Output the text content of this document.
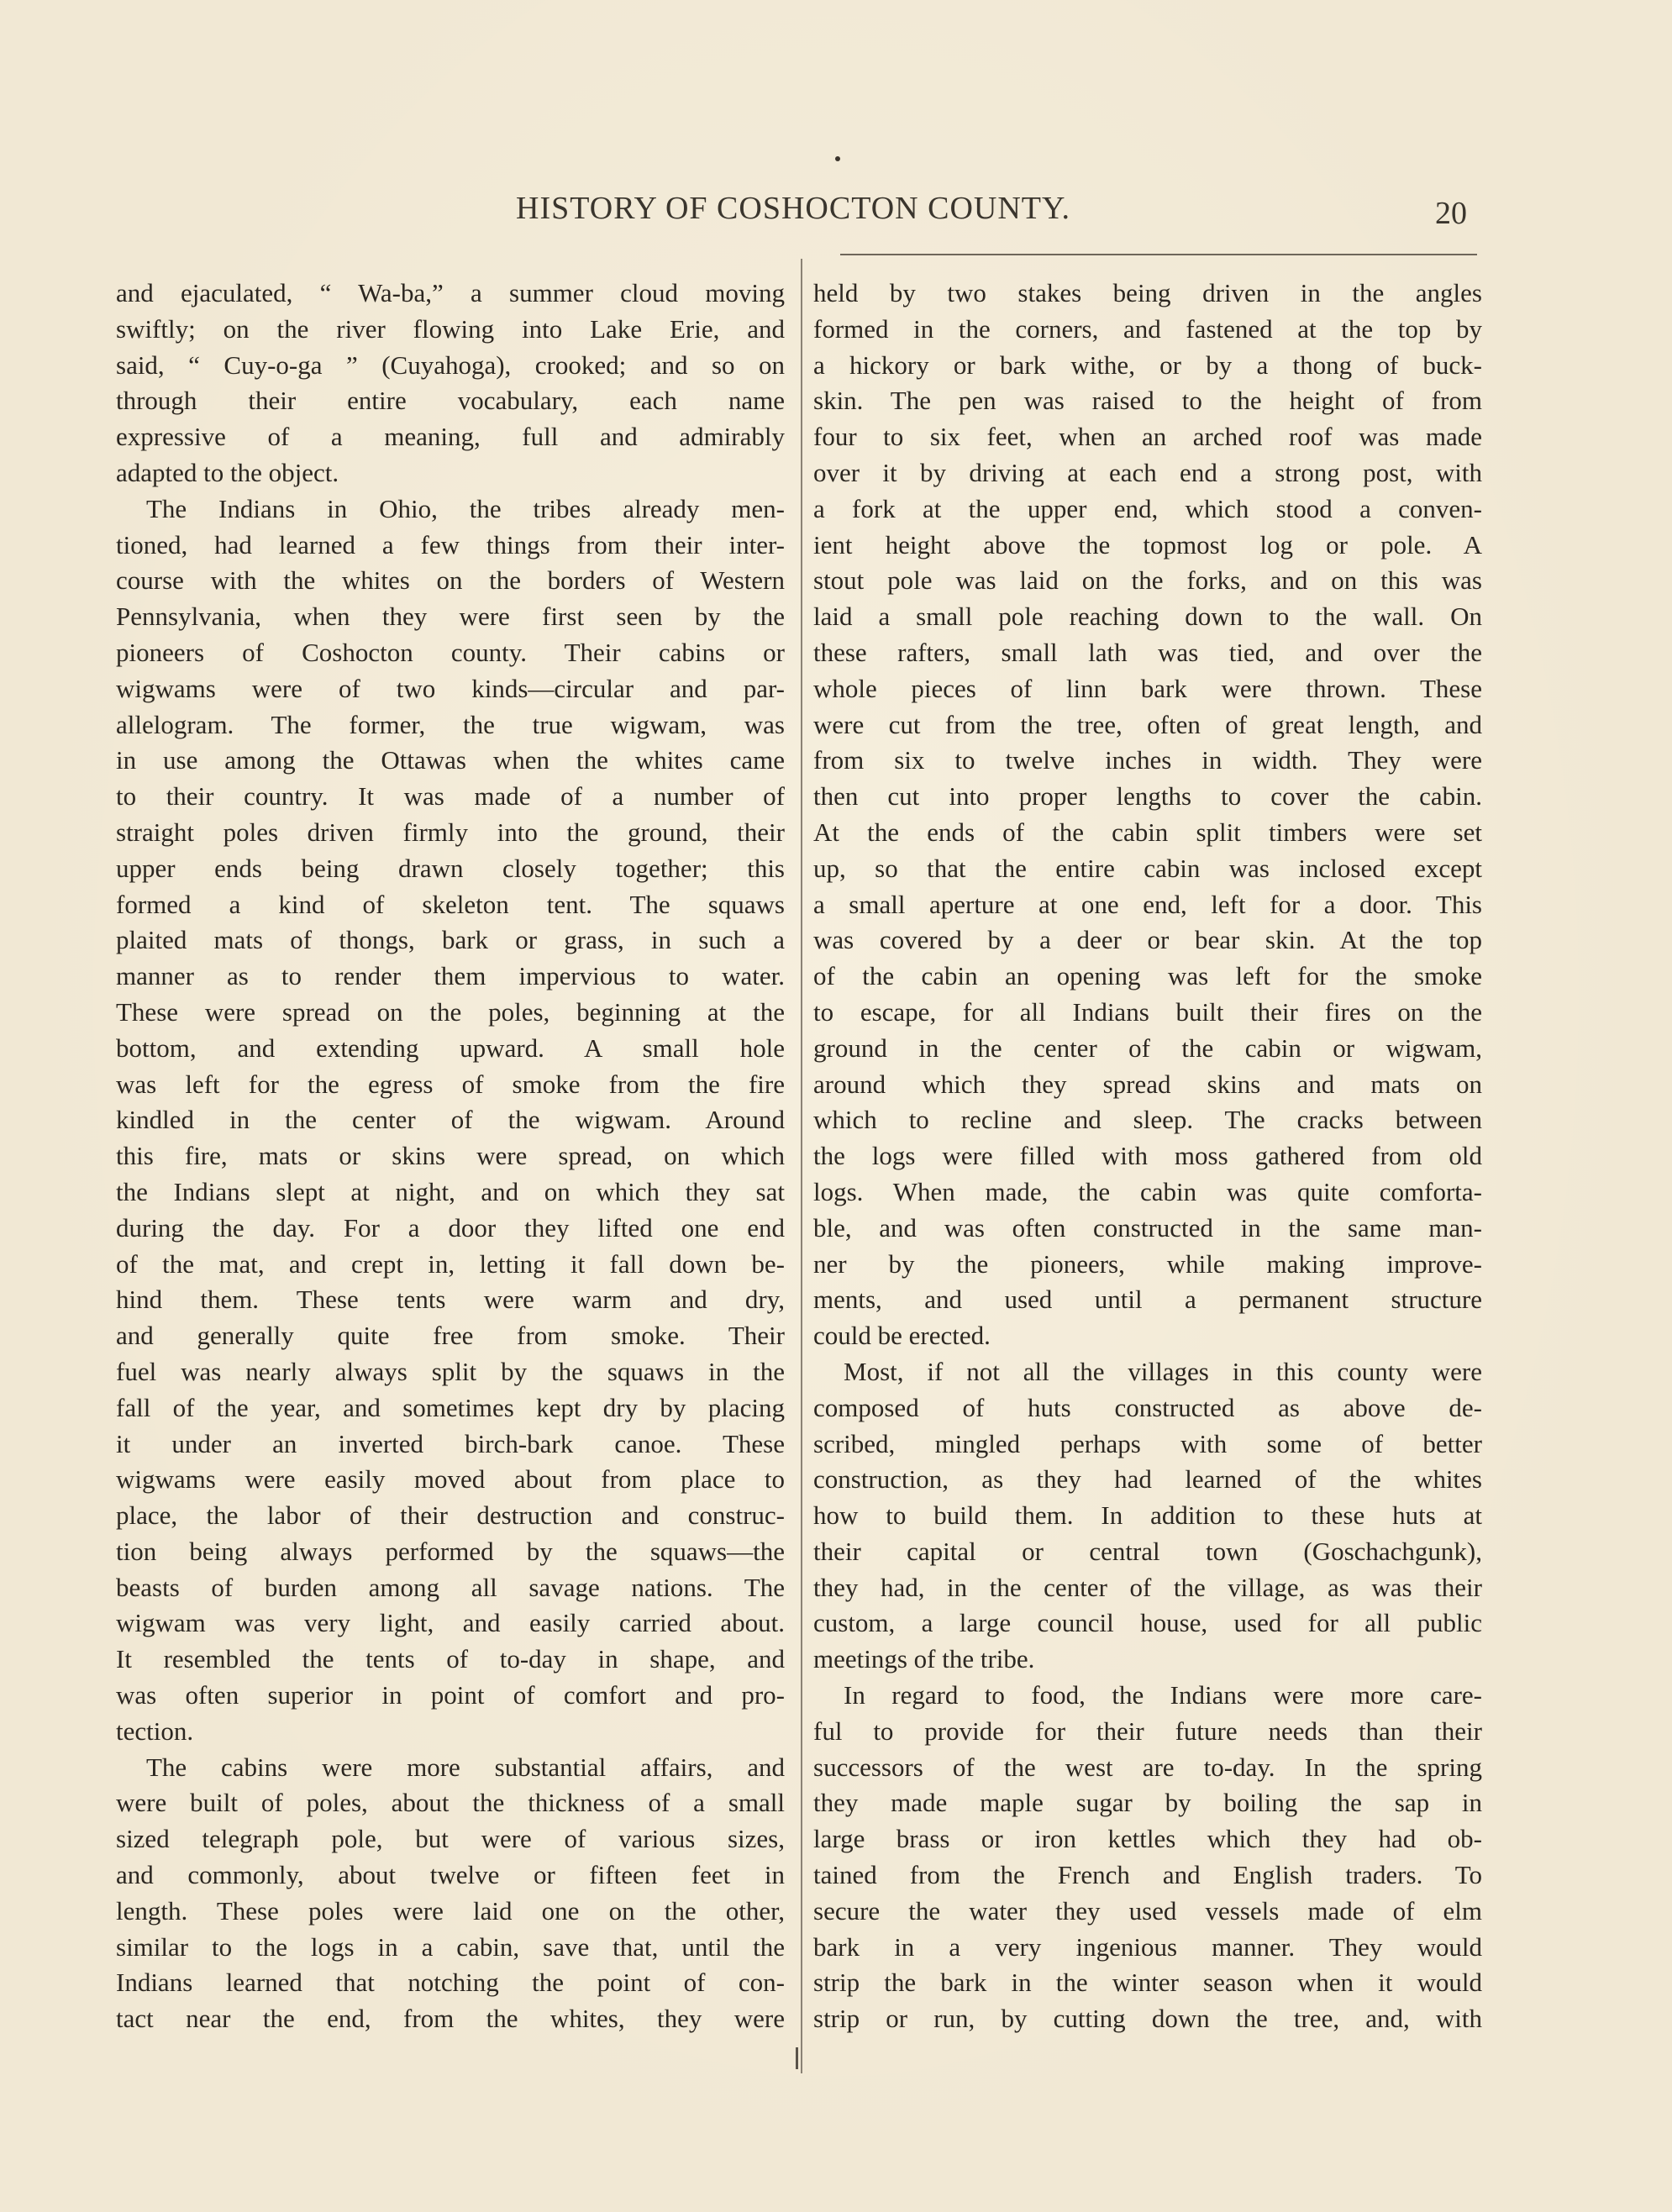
HISTORY OF COSHOCTON COUNTY.	20
and ejaculated, “ Wa-ba,” a summer cloud moving
swiftly; on the river flowing into Lake Erie, and
said, “ Cuy-o-ga ” (Cuyahoga), crooked; and so on
through their entire vocabulary, each name
expressive of a meaning, full and admirably
adapted to the object.
The Indians in Ohio, the tribes already men-
tioned, had learned a few things from their inter-
course with the whites on the borders of Western
Pennsylvania, when they were first seen by the
pioneers of Coshocton county. Their cabins or
wigwams were of two kinds—circular and par-
allelogram. The former, the true wigwam, was
in use among the Ottawas when the whites came
to their country. It was made of a number of
straight poles driven firmly into the ground, their
upper ends being drawn closely together; this
formed a kind of skeleton tent. The squaws
plaited mats of thongs, bark or grass, in such a
manner as to render them impervious to water.
These were spread on the poles, beginning at the
bottom, and extending upward. A small hole
was left for the egress of smoke from the fire
kindled in the center of the wigwam. Around
this fire, mats or skins were spread, on which
the Indians slept at night, and on which they sat
during the day. For a door they lifted one end
of the mat, and crept in, letting it fall down be-
hind them. These tents were warm and dry,
and generally quite free from smoke. Their
fuel was nearly always split by the squaws in the
fall of the year, and sometimes kept dry by placing
it under an inverted birch-bark canoe. These
wigwams were easily moved about from place to
place, the labor of their destruction and construc-
tion being always performed by the squaws—the
beasts of burden among all savage nations. The
wigwam was very light, and easily carried about.
It resembled the tents of to-day in shape, and
was often superior in point of comfort and pro-
tection.
The cabins were more substantial affairs, and
were built of poles, about the thickness of a small
sized telegraph pole, but were of various sizes,
and commonly, about twelve or fifteen feet in
length. These poles were laid one on the other,
similar to the logs in a cabin, save that, until the
Indians learned that notching the point of con-
tact near the end, from the whites, they were
held by two stakes being driven in the angles
formed in the corners, and fastened at the top by
a hickory or bark withe, or by a thong of buck-
skin. The pen was raised to the height of from
four to six feet, when an arched roof was made
over it by driving at each end a strong post, with
a fork at the upper end, which stood a conven-
ient height above the topmost log or pole. A
stout pole was laid on the forks, and on this was
laid a small pole reaching down to the wall. On
these rafters, small lath was tied, and over the
whole pieces of linn bark were thrown. These
were cut from the tree, often of great length, and
from six to twelve inches in width. They were
then cut into proper lengths to cover the cabin.
At the ends of the cabin split timbers were set
up, so that the entire cabin was inclosed except
a small aperture at one end, left for a door. This
was covered by a deer or bear skin. At the top
of the cabin an opening was left for the smoke
to escape, for all Indians built their fires on the
ground in the center of the cabin or wigwam,
around which they spread skins and mats on
which to recline and sleep. The cracks between
the logs were filled with moss gathered from old
logs. When made, the cabin was quite comforta-
ble, and was often constructed in the same man-
ner by the pioneers, while making improve-
ments, and used until a permanent structure
could be erected.
Most, if not all the villages in this county were
composed of huts constructed as above de-
scribed, mingled perhaps with some of better
construction, as they had learned of the whites
how to build them. In addition to these huts at
their capital or central town (Goschachgunk),
they had, in the center of the village, as was their
custom, a large council house, used for all public
meetings of the tribe.
In regard to food, the Indians were more care-
ful to provide for their future needs than their
successors of the west are to-day. In the spring
they made maple sugar by boiling the sap in
large brass or iron kettles which they had ob-
tained from the French and English traders. To
secure the water they used vessels made of elm
bark in a very ingenious manner. They would
strip the bark in the winter season when it would
strip or run, by cutting down the tree, and, with
